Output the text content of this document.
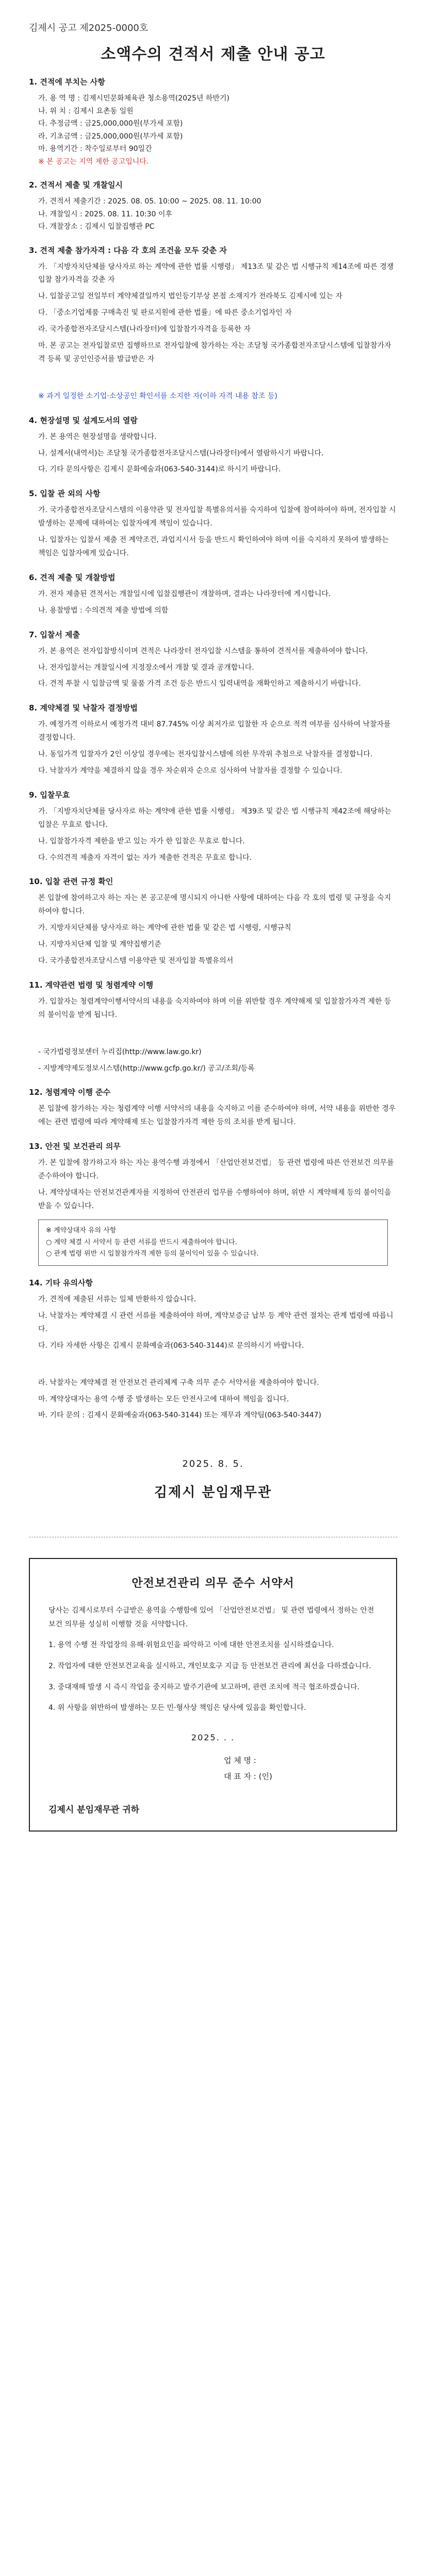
김제시 공고 제2025-0000호
소액수의 견적서 제출 안내 공고
1. 견적에 부치는 사항
가. 용 역 명 : 김제시민문화체육관 청소용역(2025년 하반기)
나. 위 치 : 김제시 요촌동 일원
다. 추정금액 : 금25,000,000원(부가세 포함)
라. 기초금액 : 금25,000,000원(부가세 포함)
마. 용역기간 : 착수일로부터 90일간
※ 본 공고는 지역 제한 공고입니다.
2. 견적서 제출 및 개찰일시
가. 견적서 제출기간 : 2025. 08. 05. 10:00 ~ 2025. 08. 11. 10:00
나. 개찰일시 : 2025. 08. 11. 10:30 이후
다. 개찰장소 : 김제시 입찰집행관 PC
3. 견적 제출 참가자격 : 다음 각 호의 조건을 모두 갖춘 자
가. 「지방자치단체를 당사자로 하는 계약에 관한 법률 시행령」 제13조 및 같은 법 시행규칙 제14조에 따른 경쟁입찰 참가자격을 갖춘 자
나. 입찰공고일 전일부터 계약체결일까지 법인등기부상 본점 소재지가 전라북도 김제시에 있는 자
다. 「중소기업제품 구매촉진 및 판로지원에 관한 법률」에 따른 중소기업자인 자
라. 국가종합전자조달시스템(나라장터)에 입찰참가자격을 등록한 자
마. 본 공고는 전자입찰로만 집행하므로 전자입찰에 참가하는 자는 조달청 국가종합전자조달시스템에 입찰참가자격 등록 및 공인인증서를 발급받은 자
※ 과거 일정한 소기업·소상공인 확인서를 소지한 자(이하 자격 내용 참조 등)
4. 현장설명 및 설계도서의 열람
가. 본 용역은 현장설명을 생략합니다.
나. 설계서(내역서)는 조달청 국가종합전자조달시스템(나라장터)에서 열람하시기 바랍니다.
다. 기타 문의사항은 김제시 문화예술과(063-540-3144)로 하시기 바랍니다.
5. 입찰 관 외의 사항
가. 국가종합전자조달시스템의 이용약관 및 전자입찰 특별유의서를 숙지하여 입찰에 참여하여야 하며, 전자입찰 시 발생하는 문제에 대하여는 입찰자에게 책임이 있습니다.
나. 입찰자는 입찰서 제출 전 계약조건, 과업지시서 등을 반드시 확인하여야 하며 이를 숙지하지 못하여 발생하는 책임은 입찰자에게 있습니다.
6. 견적 제출 및 개찰방법
가. 전자 제출된 견적서는 개찰일시에 입찰집행관이 개찰하며, 결과는 나라장터에 게시합니다.
나. 용찰방법 : 수의견적 제출 방법에 의함
7. 입찰서 제출
가. 본 용역은 전자입찰방식이며 견적은 나라장터 전자입찰 시스템을 통하여 견적서를 제출하여야 합니다.
나. 전자입찰서는 개찰일시에 지정장소에서 개찰 및 결과 공개합니다.
다. 견적 투찰 시 입찰금액 및 물품 가격 조건 등은 반드시 입력내역을 재확인하고 제출하시기 바랍니다.
8. 계약체결 및 낙찰자 결정방법
가. 예정가격 이하로서 예정가격 대비 87.745% 이상 최저가로 입찰한 자 순으로 적격 여부를 심사하여 낙찰자를 결정합니다.
나. 동일가격 입찰자가 2인 이상일 경우에는 전자입찰시스템에 의한 무작위 추첨으로 낙찰자를 결정합니다.
다. 낙찰자가 계약을 체결하지 않을 경우 차순위자 순으로 심사하여 낙찰자를 결정할 수 있습니다.
9. 입찰무효
가. 「지방자치단체를 당사자로 하는 계약에 관한 법률 시행령」 제39조 및 같은 법 시행규칙 제42조에 해당하는 입찰은 무효로 합니다.
나. 입찰참가자격 제한을 받고 있는 자가 한 입찰은 무효로 합니다.
다. 수의견적 제출자 자격이 없는 자가 제출한 견적은 무효로 합니다.
10. 입찰 관련 규정 확인
본 입찰에 참여하고자 하는 자는 본 공고문에 명시되지 아니한 사항에 대하여는 다음 각 호의 법령 및 규정을 숙지하여야 합니다.
가. 지방자치단체를 당사자로 하는 계약에 관한 법률 및 같은 법 시행령, 시행규칙
나. 지방자치단체 입찰 및 계약집행기준
다. 국가종합전자조달시스템 이용약관 및 전자입찰 특별유의서
11. 계약관련 법령 및 청렴계약 이행
가. 입찰자는 청렴계약이행서약서의 내용을 숙지하여야 하며 이를 위반할 경우 계약해제 및 입찰참가자격 제한 등의 불이익을 받게 됩니다.
- 국가법령정보센터 누리집(http://www.law.go.kr)
- 지방계약제도정보시스템(http://www.gcfp.go.kr/) 공고/조회/등록
12. 청렴계약 이행 준수
본 입찰에 참가하는 자는 청렴계약 이행 서약서의 내용을 숙지하고 이를 준수하여야 하며, 서약 내용을 위반한 경우에는 관련 법령에 따라 계약해제 또는 입찰참가자격 제한 등의 조치를 받게 됩니다.
13. 안전 및 보건관리 의무
가. 본 입찰에 참가하고자 하는 자는 용역수행 과정에서 「산업안전보건법」 등 관련 법령에 따른 안전보건 의무를 준수하여야 합니다.
나. 계약상대자는 안전보건관계자를 지정하여 안전관리 업무를 수행하여야 하며, 위반 시 계약해제 등의 불이익을 받을 수 있습니다.
※ 계약상대자 유의 사항
○ 계약 체결 시 서약서 등 관련 서류를 반드시 제출하여야 합니다.
○ 관계 법령 위반 시 입찰참가자격 제한 등의 불이익이 있을 수 있습니다.
14. 기타 유의사항
가. 견적에 제출된 서류는 일체 반환하지 않습니다.
나. 낙찰자는 계약체결 시 관련 서류를 제출하여야 하며, 계약보증금 납부 등 계약 관련 절차는 관계 법령에 따릅니다.
다. 기타 자세한 사항은 김제시 문화예술과(063-540-3144)로 문의하시기 바랍니다.
라. 낙찰자는 계약체결 전 안전보건 관리체계 구축 의무 준수 서약서를 제출하여야 합니다.
마. 계약상대자는 용역 수행 중 발생하는 모든 안전사고에 대하여 책임을 집니다.
바. 기타 문의 : 김제시 문화예술과(063-540-3144) 또는 재무과 계약팀(063-540-3447)
2025. 8. 5.
김제시 분임재무관
안전보건관리 의무 준수 서약서
당사는 김제시로부터 수급받은 용역을 수행함에 있어 「산업안전보건법」 및 관련 법령에서 정하는 안전보건 의무를 성실히 이행할 것을 서약합니다.
1. 용역 수행 전 작업장의 유해·위험요인을 파악하고 이에 대한 안전조치를 실시하겠습니다.
2. 작업자에 대한 안전보건교육을 실시하고, 개인보호구 지급 등 안전보건 관리에 최선을 다하겠습니다.
3. 중대재해 발생 시 즉시 작업을 중지하고 발주기관에 보고하며, 관련 조치에 적극 협조하겠습니다.
4. 위 사항을 위반하여 발생하는 모든 민·형사상 책임은 당사에 있음을 확인합니다.
2025. . .
업 체 명 :
대 표 자 : (인)
김제시 분임재무관 귀하
